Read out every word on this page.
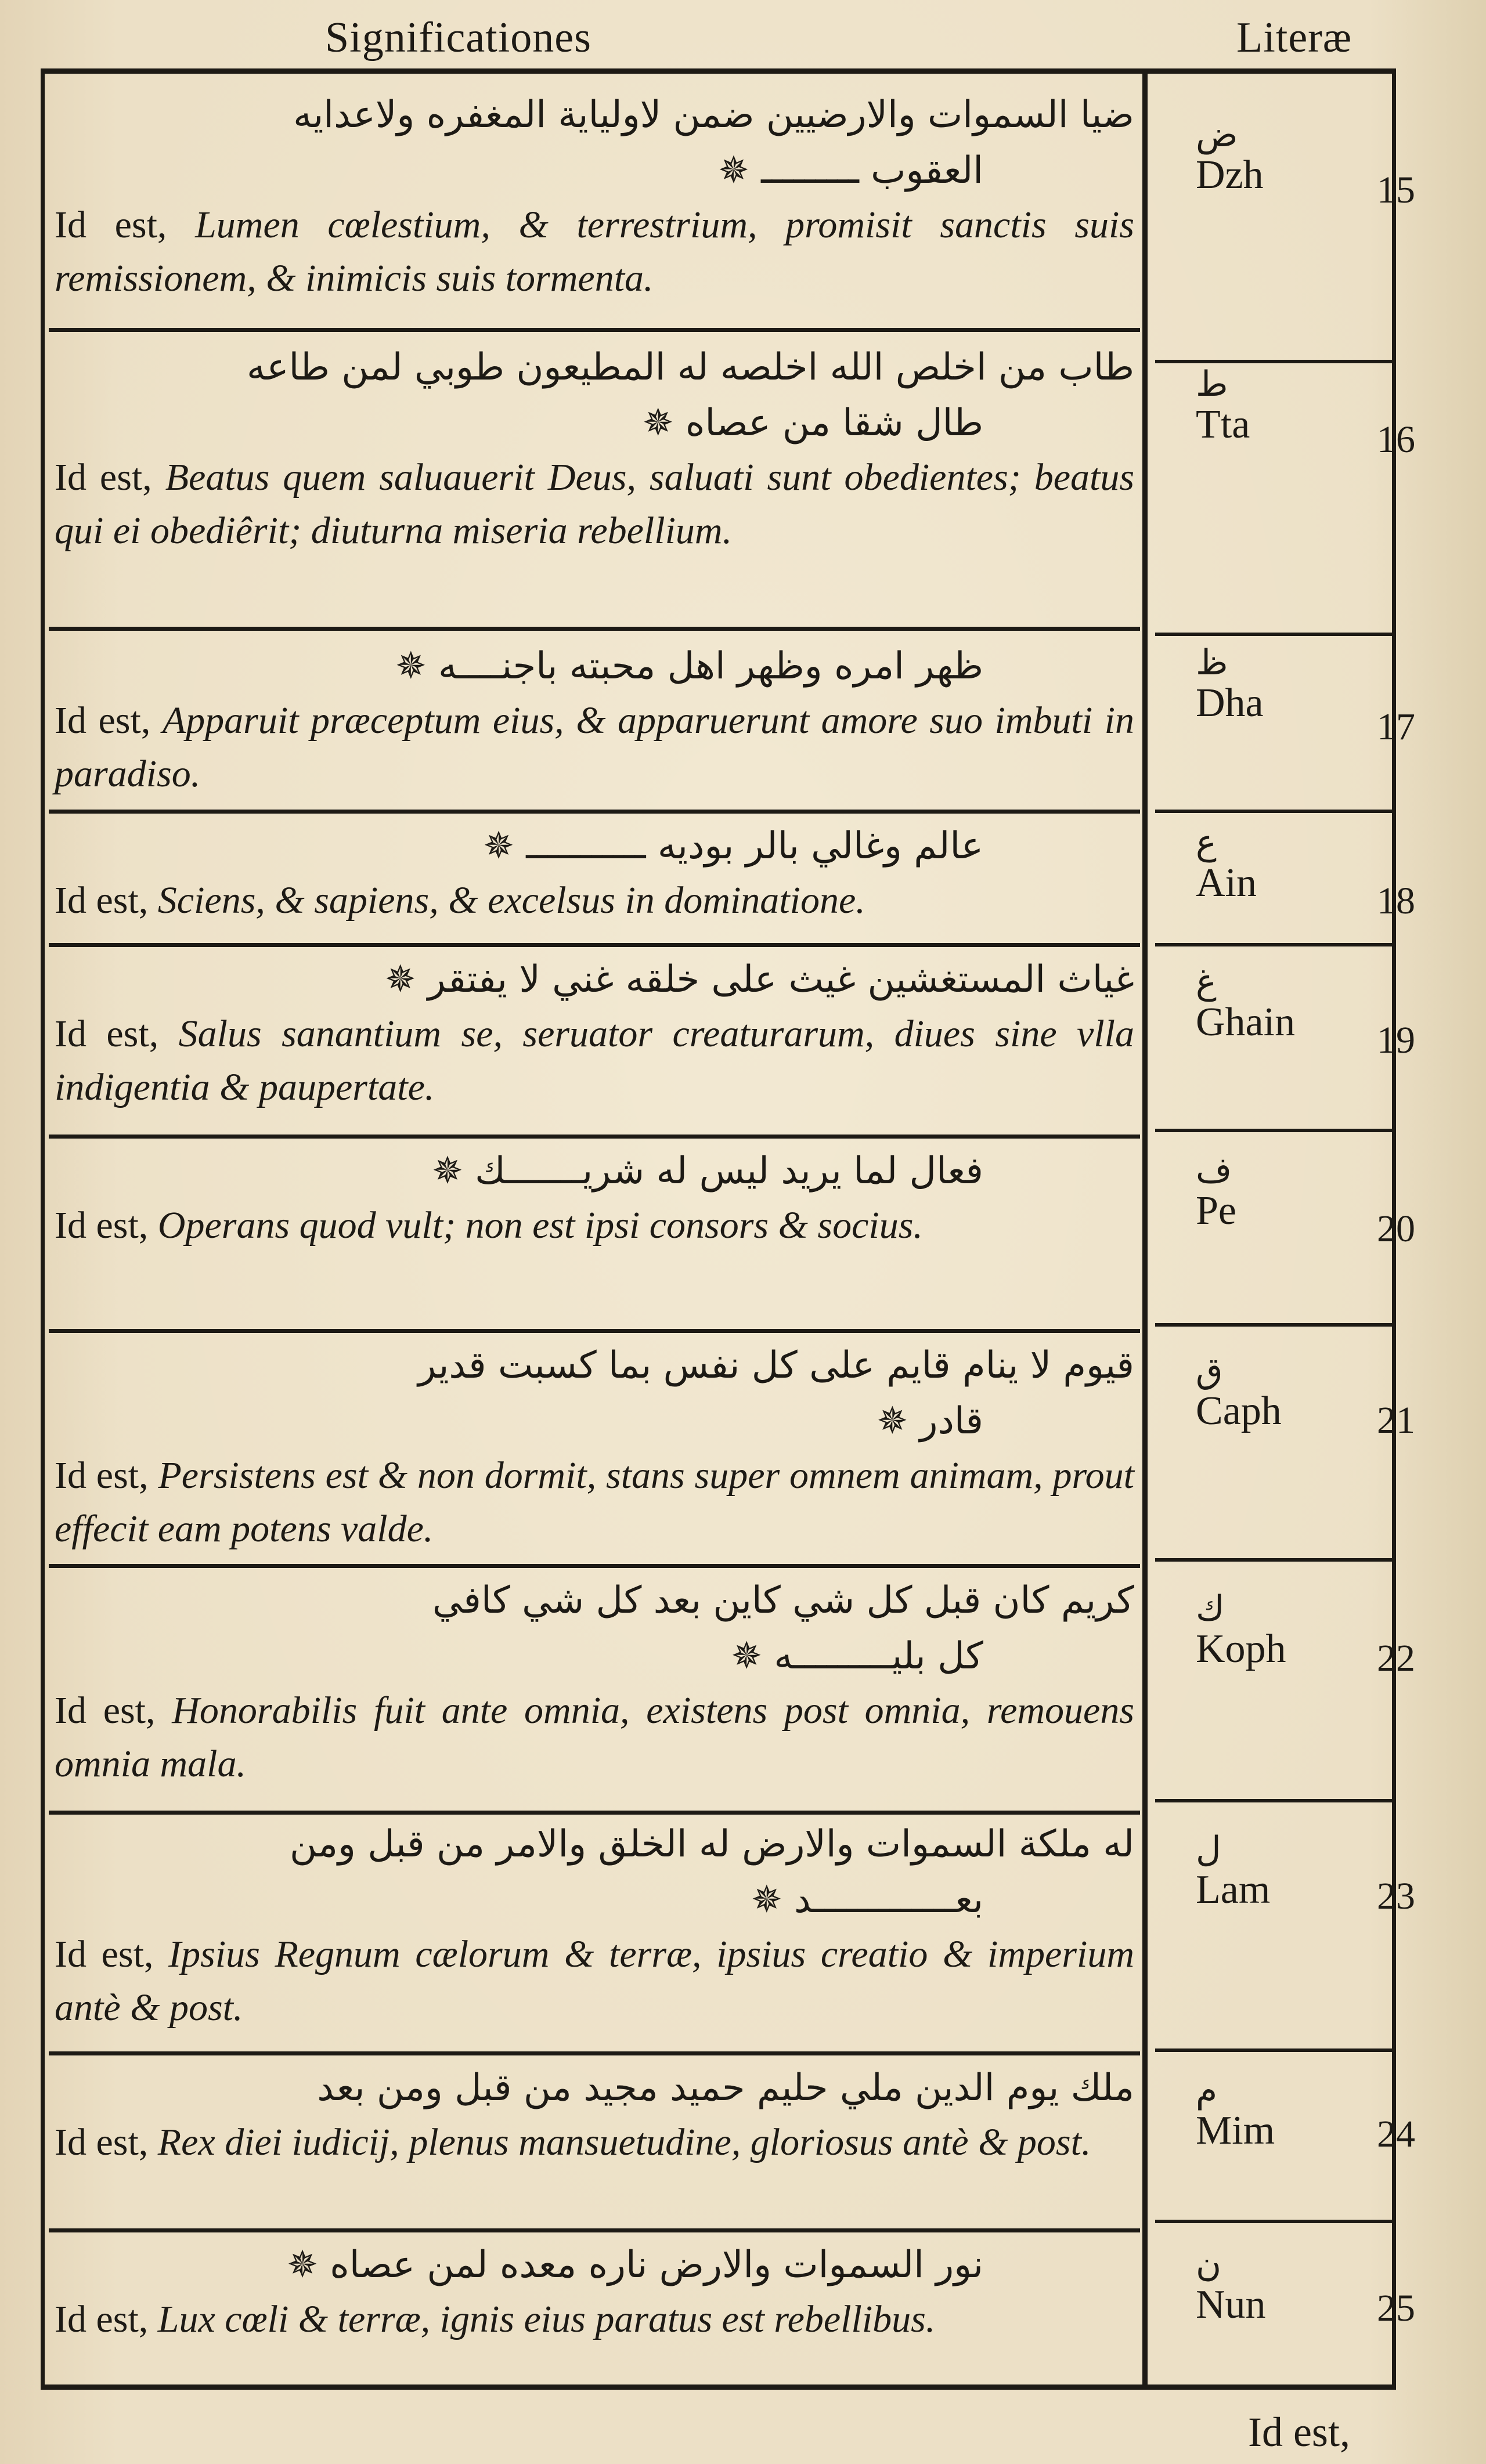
Significationes	Literæ
ضيا السموات والارضيين ضمن لاولياية المغفره ولاعدايه
العقوب ـــــــــ ✵
Id est, Lumen cœlestium, & terrestrium, promisit sanctis suis remissionem, & inimicis suis tormenta.
ض
Dzh	15
طاب من اخلص الله اخلصه له المطيعون طوبي لمن طاعه
طال شقا من عصاه ✵
Id est, Beatus quem saluauerit Deus, saluati sunt obedientes; beatus qui ei obediêrit; diuturna miseria rebellium.
ط
Tta	16
ظهر امره وظهر اهل محبته باجنــــه ✵
Id est, Apparuit præceptum eius, & apparuerunt amore suo imbuti in paradiso.
ظ
Dha
17
عالم وغالي بالر بوديه ـــــــــــ ✵
Id est, Sciens, & sapiens, & excelsus in dominatione.
ع
Ain	18
غياث المستغشين غيث على خلقه غني لا يفتقر ✵
Id est, Salus sanantium se, seruator creaturarum, diues sine vlla indigentia & paupertate.
غ
Ghain	19
فعال لما يريد ليس له شريـــــــك ✵
Id est, Operans quod vult; non est ipsi consors & socius.
ف
Pe	20
قيوم لا ينام قايم على كل نفس بما كسبت قدير
قادر ✵
Id est, Persistens est & non dormit, stans super omnem animam, prout effecit eam potens valde.
ق
Caph	21
كريم كان قبل كل شي كاين بعد كل شي كافي
كل بليـــــــــه ✵
Id est, Honorabilis fuit ante omnia, existens post omnia, remouens omnia mala.
ك
Koph	22
له ملكة السموات والارض له الخلق والامر من قبل ومن
بعـــــــــــــد ✵
Id est, Ipsius Regnum cælorum & terræ, ipsius creatio & imperium antè & post.
ل
Lam	23
ملك يوم الدين ملي حليم حميد مجيد من قبل ومن بعد
Id est, Rex diei iudicij, plenus mansuetudine, gloriosus antè & post.
م
Mim	24
نور السموات والارض ناره معده لمن عصاه ✵
Id est, Lux cœli & terræ, ignis eius paratus est rebellibus.
ن
Nun	25
Id est,
